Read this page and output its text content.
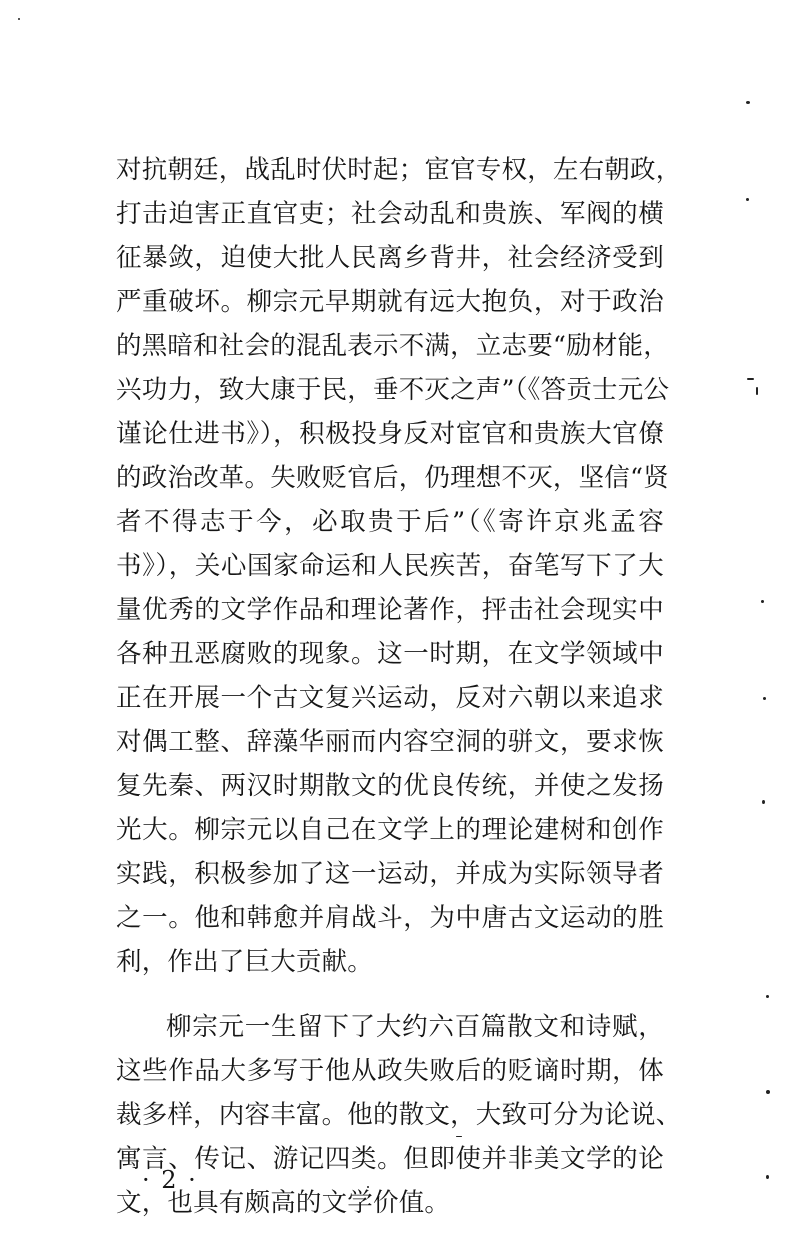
对抗朝廷，战乱时伏时起；宦官专权，左右朝政，
打击迫害正直官吏；社会动乱和贵族、军阀的横
征暴敛，迫使大批人民离乡背井，社会经济受到
严重破坏。柳宗元早期就有远大抱负，对于政治
的黑暗和社会的混乱表示不满，立志要“励材能，
兴功力，致大康于民，垂不灭之声”（《答贡士元公
谨论仕进书》），积极投身反对宦官和贵族大官僚
的政治改革。失败贬官后，仍理想不灭，坚信“贤
者不得志于今，必取贵于后”（《寄许京兆孟容
书》），关心国家命运和人民疾苦，奋笔写下了大
量优秀的文学作品和理论著作，抨击社会现实中
各种丑恶腐败的现象。这一时期，在文学领域中
正在开展一个古文复兴运动，反对六朝以来追求
对偶工整、辞藻华丽而内容空洞的骈文，要求恢
复先秦、两汉时期散文的优良传统，并使之发扬
光大。柳宗元以自己在文学上的理论建树和创作
实践，积极参加了这一运动，并成为实际领导者
之一。他和韩愈并肩战斗，为中唐古文运动的胜
利，作出了巨大贡献。
柳宗元一生留下了大约六百篇散文和诗赋，
这些作品大多写于他从政失败后的贬谪时期，体
裁多样，内容丰富。他的散文，大致可分为论说、
寓言、传记、游记四类。但即使并非美文学的论
文，也具有颇高的文学价值。
· 2 ·
